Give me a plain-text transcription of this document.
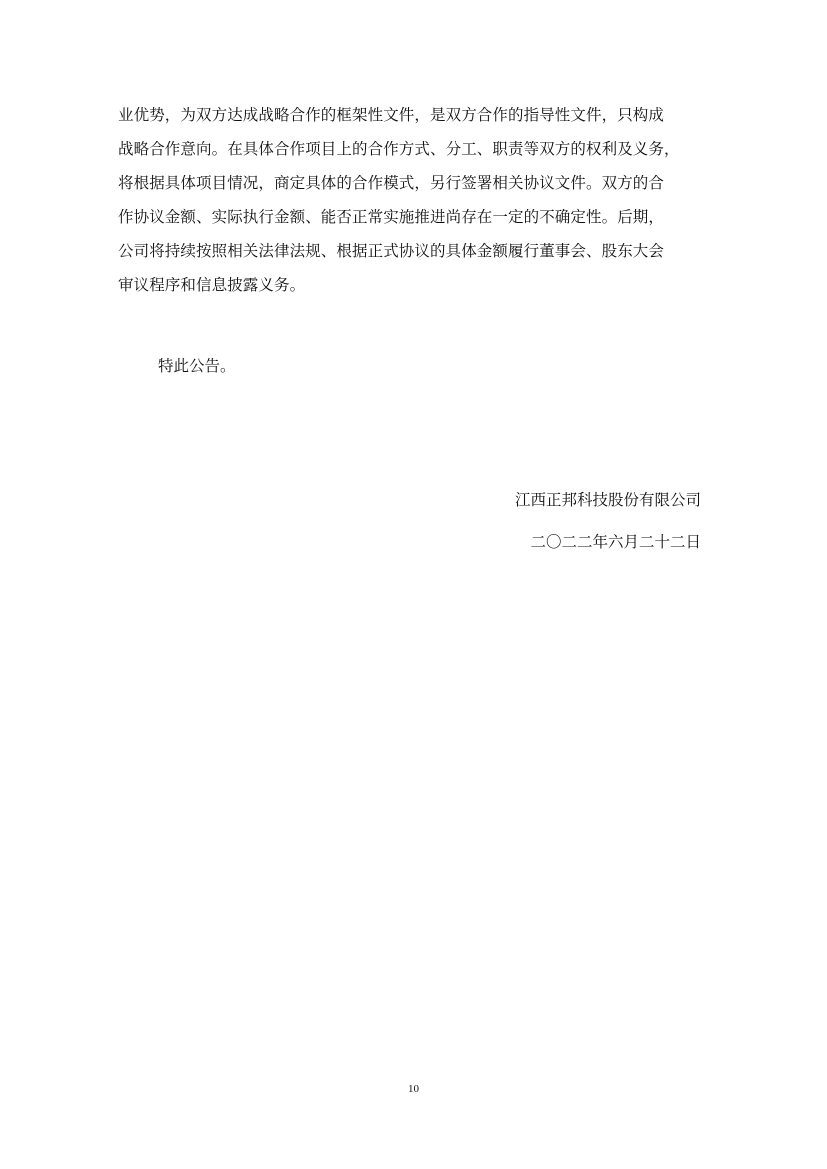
业优势，为双方达成战略合作的框架性文件，是双方合作的指导性文件，只构成
战略合作意向。在具体合作项目上的合作方式、分工、职责等双方的权利及义务，
将根据具体项目情况，商定具体的合作模式，另行签署相关协议文件。双方的合
作协议金额、实际执行金额、能否正常实施推进尚存在一定的不确定性。后期，
公司将持续按照相关法律法规、根据正式协议的具体金额履行董事会、股东大会
审议程序和信息披露义务。

特此公告。

江西正邦科技股份有限公司

二〇二二年六月二十二日

10
